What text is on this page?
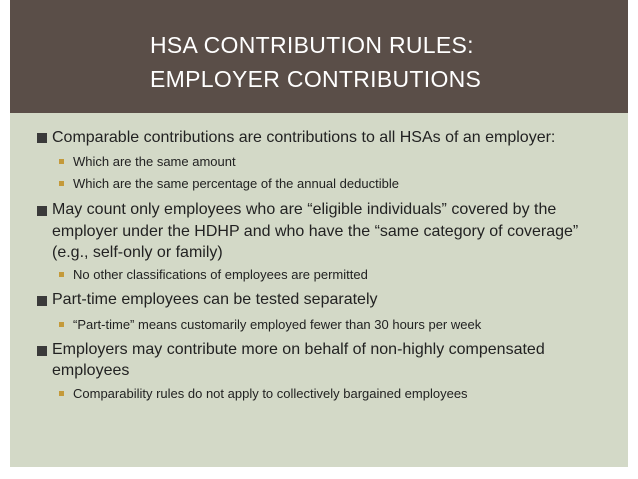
HSA CONTRIBUTION RULES:
EMPLOYER CONTRIBUTIONS
Comparable contributions are contributions to all HSAs of an employer:
Which are the same amount
Which are the same percentage of the annual deductible
May count only employees who are “eligible individuals” covered by the
employer under the HDHP and who have the “same category of coverage”
(e.g., self-only or family)
No other classifications of employees are permitted
Part-time employees can be tested separately
“Part-time” means customarily employed fewer than 30 hours per week
Employers may contribute more on behalf of non-highly compensated
employees
Comparability rules do not apply to collectively bargained employees
